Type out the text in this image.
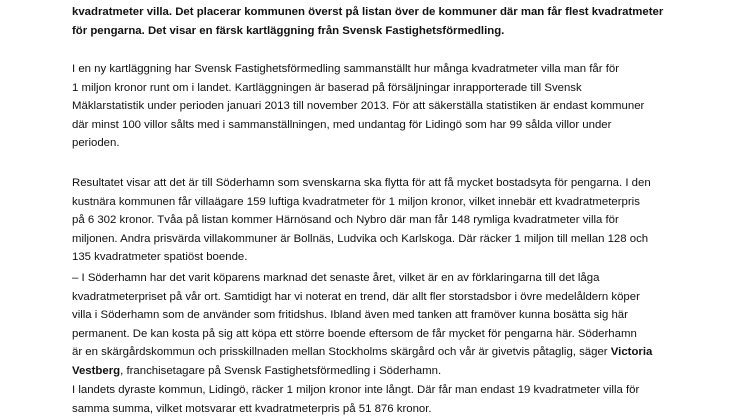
kvadratmeter villa. Det placerar kommunen överst på listan över de kommuner där man får flest kvadratmeter
för pengarna. Det visar en färsk kartläggning från Svensk Fastighetsförmedling.

I en ny kartläggning har Svensk Fastighetsförmedling sammanställt hur många kvadratmeter villa man får för
1 miljon kronor runt om i landet. Kartläggningen är baserad på försäljningar inrapporterade till Svensk
Mäklarstatistik under perioden januari 2013 till november 2013. För att säkerställa statistiken är endast kommuner
där minst 100 villor sålts med i sammanställningen, med undantag för Lidingö som har 99 sålda villor under
perioden.

Resultatet visar att det är till Söderhamn som svenskarna ska flytta för att få mycket bostadsyta för pengarna. I den
kustnära kommunen får villaägare 159 luftiga kvadratmeter för 1 miljon kronor, vilket innebär ett kvadratmeterpris
på 6 302 kronor. Tvåa på listan kommer Härnösand och Nybro där man får 148 rymliga kvadratmeter villa för
miljonen. Andra prisvärda villakommuner är Bollnäs, Ludvika och Karlskoga. Där räcker 1 miljon till mellan 128 och
135 kvadratmeter spatiöst boende.

– I Söderhamn har det varit köparens marknad det senaste året, vilket är en av förklaringarna till det låga
kvadratmeterpriset på vår ort. Samtidigt har vi noterat en trend, där allt fler storstadsbor i övre medelåldern köper
villa i Söderhamn som de använder som fritidshus. Ibland även med tanken att framöver kunna bosätta sig här
permanent. De kan kosta på sig att köpa ett större boende eftersom de får mycket för pengarna här. Söderhamn
är en skärgårdskommun och prisskillnaden mellan Stockholms skärgård och vår är givetvis påtaglig, säger Victoria
Vestberg, franchisetagare på Svensk Fastighetsförmedling i Söderhamn.

I landets dyraste kommun, Lidingö, räcker 1 miljon kronor inte långt. Där får man endast 19 kvadratmeter villa för
samma summa, vilket motsvarar ett kvadratmeterpris på 51 876 kronor.
